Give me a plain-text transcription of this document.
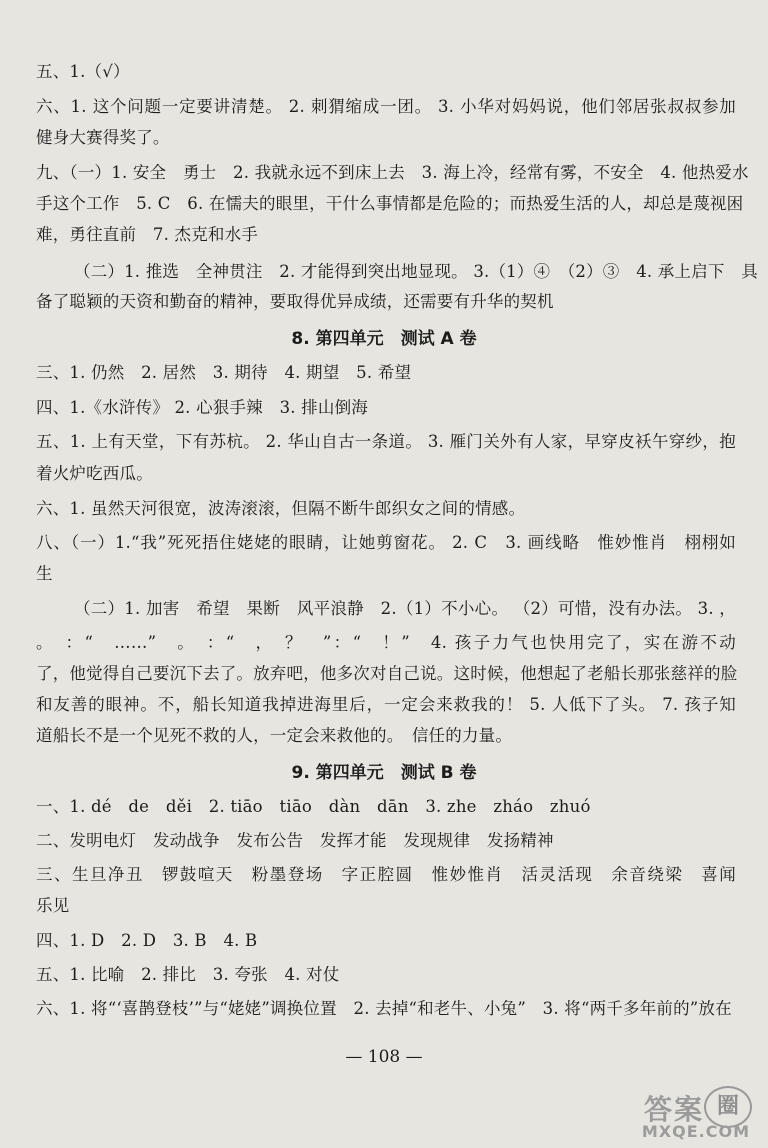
五、1.（√）
六、1. 这个问题一定要讲清楚。 2. 刺猬缩成一团。 3. 小华对妈妈说，他们邻居张叔叔参加
健身大赛得奖了。
九、（一）1. 安全　勇士　2. 我就永远不到床上去　3. 海上冷，经常有雾，不安全　4. 他热爱水
手这个工作　5. C　6. 在懦夫的眼里，干什么事情都是危险的；而热爱生活的人，却总是蔑视困
难，勇往直前　7. 杰克和水手
（二）1. 推选　全神贯注　2. 才能得到突出地显现。 3.（1）④　（2）③　4. 承上启下　具
备了聪颖的天资和勤奋的精神，要取得优异成绩，还需要有升华的契机
8. 第四单元　测试 A 卷
三、1. 仍然　2. 居然　3. 期待　4. 期望　5. 希望
四、1.《水浒传》 2. 心狠手辣　3. 排山倒海
五、1. 上有天堂，下有苏杭。 2. 华山自古一条道。 3. 雁门关外有人家，早穿皮袄午穿纱，抱
着火炉吃西瓜。
六、1. 虽然天河很宽，波涛滚滚，但隔不断牛郎织女之间的情感。
八、（一）1.“我”死死捂住姥姥的眼睛，让她剪窗花。 2. C　3. 画线略　惟妙惟肖　栩栩如
生
（二）1. 加害　希望　果断　风平浪静　2.（1）不小心。 （2）可惜，没有办法。 3. ，
。　：“　……”　。　：“　，　？　”：“　！”　4. 孩子力气也快用完了，实在游不动
了，他觉得自己要沉下去了。放弃吧，他多次对自己说。这时候，他想起了老船长那张慈祥的脸
和友善的眼神。不，船长知道我掉进海里后，一定会来救我的！ 5. 人低下了头。 7. 孩子知
道船长不是一个见死不救的人，一定会来救他的。　信任的力量。
9. 第四单元　测试 B 卷
一、1. dé　de　děi　2. tiāo　tiāo　dàn　dān　3. zhe　zháo　zhuó
二、发明电灯　发动战争　发布公告　发挥才能　发现规律　发扬精神
三、生旦净丑　锣鼓喧天　粉墨登场　字正腔圆　惟妙惟肖　活灵活现　余音绕梁　喜闻
乐见
四、1. D　2. D　3. B　4. B
五、1. 比喻　2. 排比　3. 夸张　4. 对仗
六、1. 将“‘喜鹊登枝’”与“姥姥”调换位置　2. 去掉“和老牛、小兔”　3. 将“两千多年前的”放在
— 108 —
答案 圈
MXQE.COM
